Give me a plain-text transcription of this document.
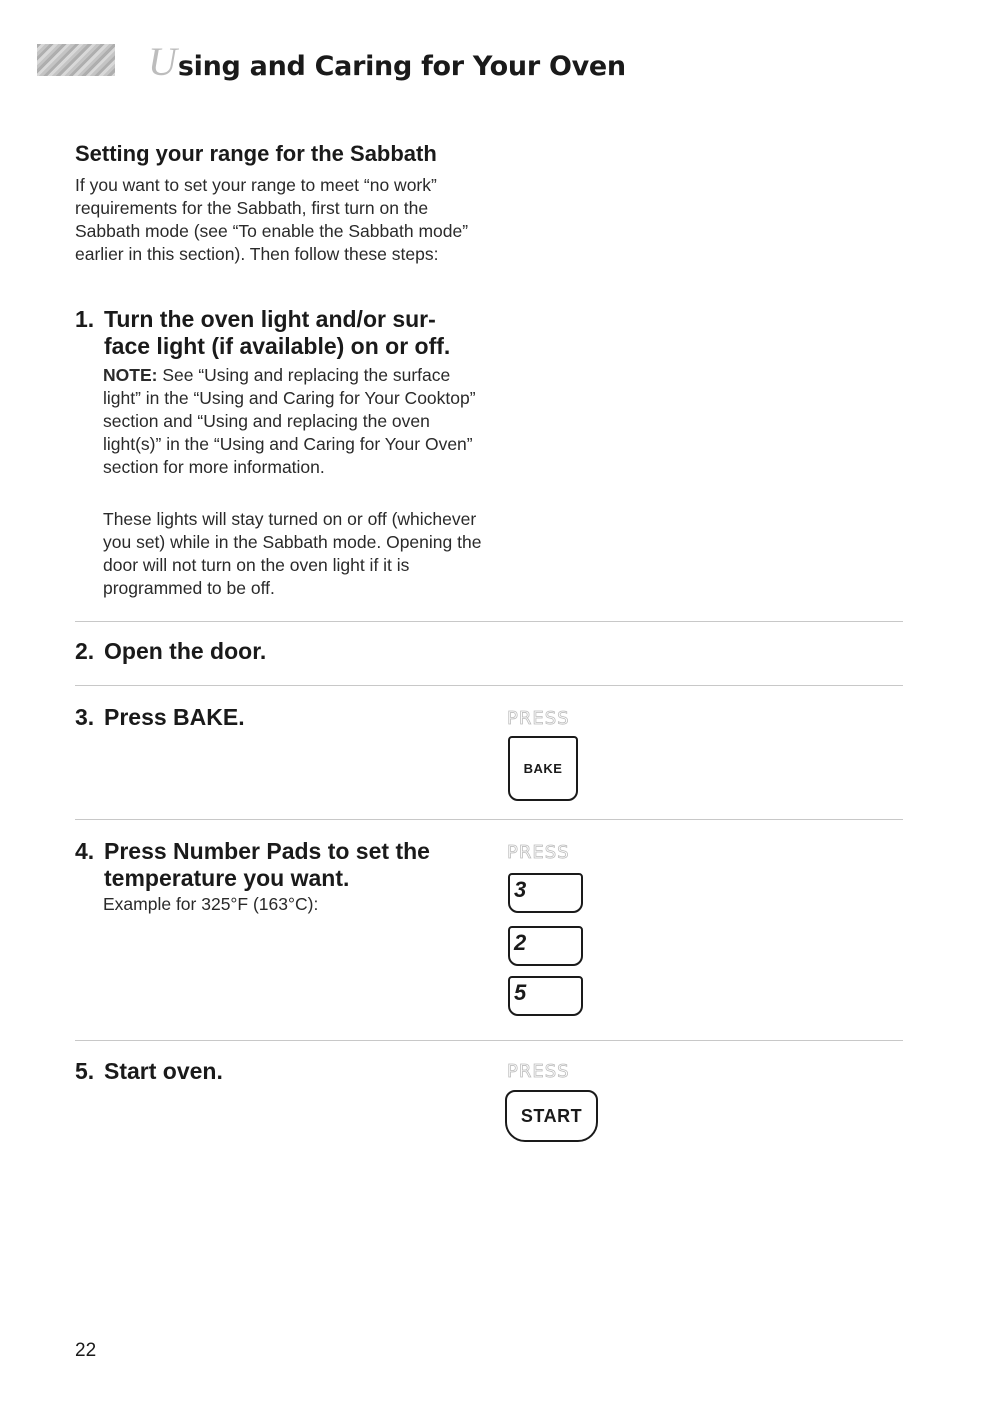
U sing and Caring for Your Oven
Setting your range for the Sabbath

If you want to set your range to meet “no work” requirements for the Sabbath, first turn on the Sabbath mode (see “To enable the Sabbath mode” earlier in this section). Then follow these steps:

1. Turn the oven light and/or sur-
face light (if available) on or off.

NOTE: See “Using and replacing the surface light” in the “Using and Caring for Your Cooktop” section and “Using and replacing the oven light(s)” in the “Using and Caring for Your Oven” section for more information.

These lights will stay turned on or off (whichever you set) while in the Sabbath mode. Opening the door will not turn on the oven light if it is programmed to be off.

2. Open the door.
3. Press BAKE.	PRESS
BAKE
4. Press Number Pads to set the
temperature you want.

Example for 325°F (163°C):

PRESS
3
2
5
5. Start oven.	PRESS
START
22
